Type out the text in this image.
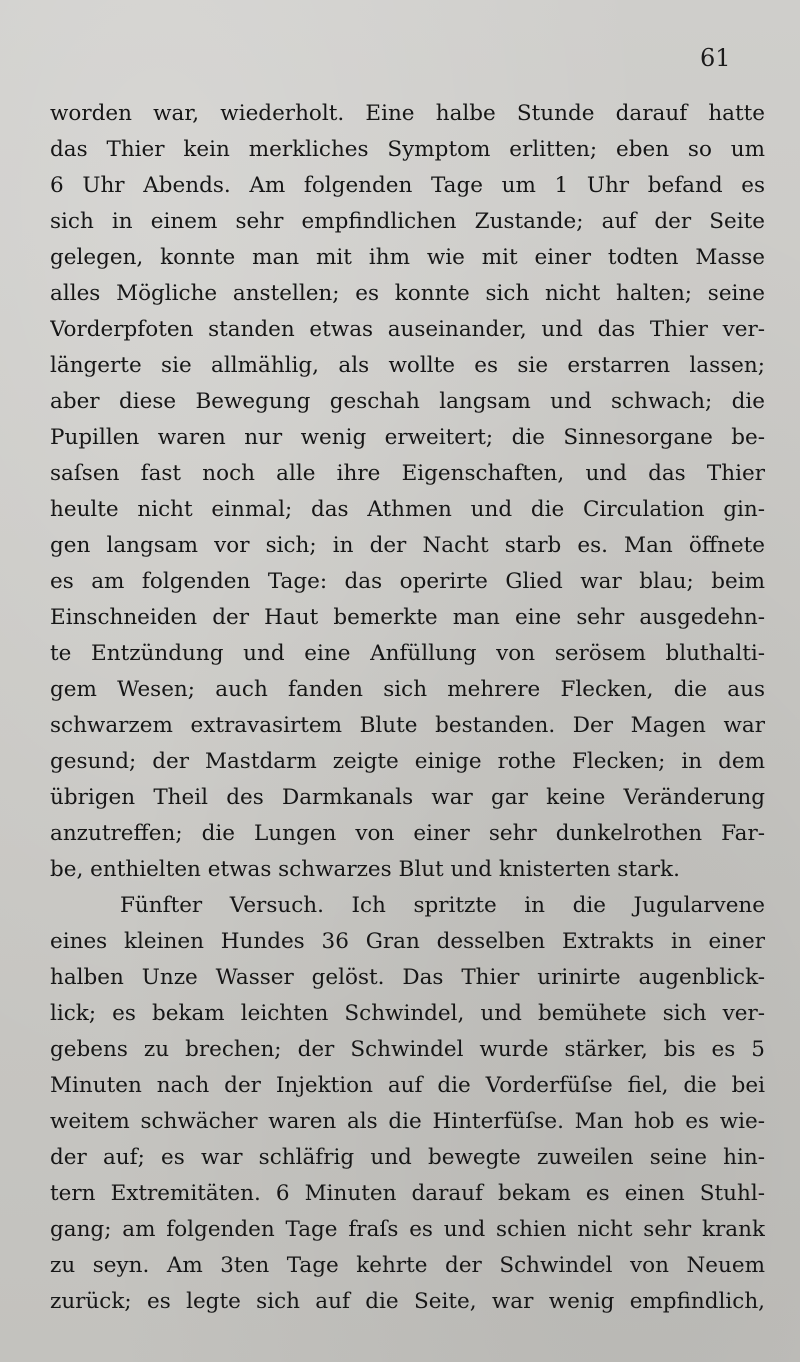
61

worden war, wiederholt. Eine halbe Stunde darauf hatte
das Thier kein merkliches Symptom erlitten; eben so um
6 Uhr Abends. Am folgenden Tage um 1 Uhr befand es
sich in einem sehr empfindlichen Zustande; auf der Seite
gelegen, konnte man mit ihm wie mit einer todten Masse
alles Mögliche anstellen; es konnte sich nicht halten; seine
Vorderpfoten standen etwas auseinander, und das Thier ver-
längerte sie allmählig, als wollte es sie erstarren lassen;
aber diese Bewegung geschah langsam und schwach; die
Pupillen waren nur wenig erweitert; die Sinnesorgane be-
saſsen fast noch alle ihre Eigenschaften, und das Thier
heulte nicht einmal; das Athmen und die Circulation gin-
gen langsam vor sich; in der Nacht starb es. Man öffnete
es am folgenden Tage: das operirte Glied war blau; beim
Einschneiden der Haut bemerkte man eine sehr ausgedehn-
te Entzündung und eine Anfüllung von serösem bluthalti-
gem Wesen; auch fanden sich mehrere Flecken, die aus
schwarzem extravasirtem Blute bestanden. Der Magen war
gesund; der Mastdarm zeigte einige rothe Flecken; in dem
übrigen Theil des Darmkanals war gar keine Veränderung
anzutreffen; die Lungen von einer sehr dunkelrothen Far-
be, enthielten etwas schwarzes Blut und knisterten stark.
Fünfter Versuch. Ich spritzte in die Jugularvene
eines kleinen Hundes 36 Gran desselben Extrakts in einer
halben Unze Wasser gelöst. Das Thier urinirte augenblick-
lick; es bekam leichten Schwindel, und bemühete sich ver-
gebens zu brechen; der Schwindel wurde stärker, bis es 5
Minuten nach der Injektion auf die Vorderfüſse fiel, die bei
weitem schwächer waren als die Hinterfüſse. Man hob es wie-
der auf; es war schläfrig und bewegte zuweilen seine hin-
tern Extremitäten. 6 Minuten darauf bekam es einen Stuhl-
gang; am folgenden Tage fraſs es und schien nicht sehr krank
zu seyn. Am 3ten Tage kehrte der Schwindel von Neuem
zurück; es legte sich auf die Seite, war wenig empfindlich,
